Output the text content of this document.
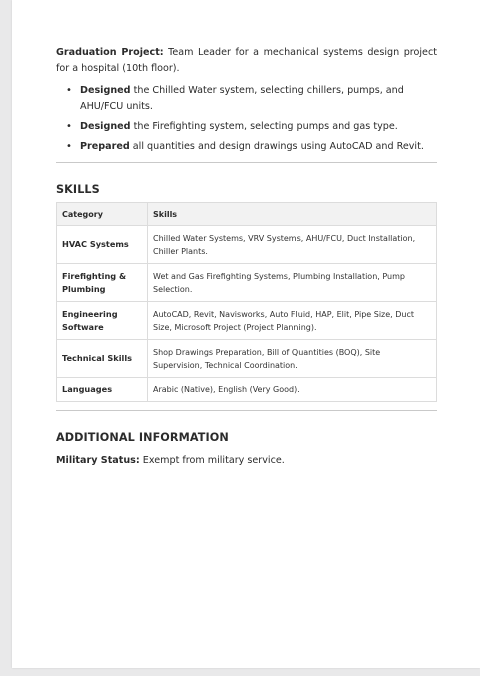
Graduation Project: Team Leader for a mechanical systems design project for a hospital (10th floor).

• Designed the Chilled Water system, selecting chillers, pumps, and AHU/FCU units.
• Designed the Firefighting system, selecting pumps and gas type.
• Prepared all quantities and design drawings using AutoCAD and Revit.
SKILLS
Category	Skills
HVAC Systems	Chilled Water Systems, VRV Systems, AHU/FCU, Duct Installation, Chiller Plants.
Firefighting & Plumbing	Wet and Gas Firefighting Systems, Plumbing Installation, Pump Selection.
Engineering Software	AutoCAD, Revit, Navisworks, Auto Fluid, HAP, Elit, Pipe Size, Duct Size, Microsoft Project (Project Planning).
Technical Skills	Shop Drawings Preparation, Bill of Quantities (BOQ), Site Supervision, Technical Coordination.
Languages	Arabic (Native), English (Very Good).
ADDITIONAL INFORMATION

Military Status: Exempt from military service.
